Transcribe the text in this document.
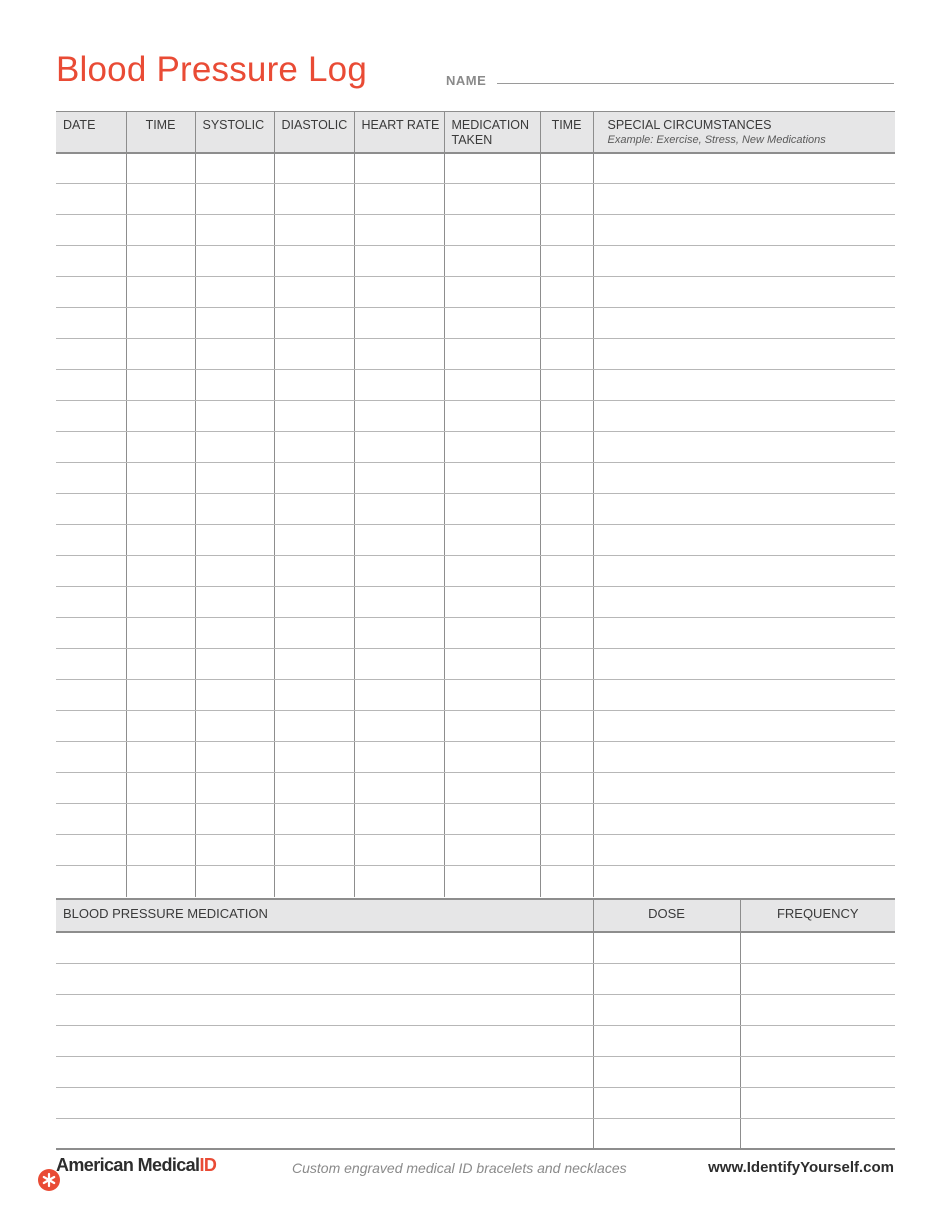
Blood Pressure Log	NAME
DATE	TIME	SYSTOLIC	DIASTOLIC	HEART RATE	MEDICATION TAKEN	TIME	SPECIAL CIRCUMSTANCES
Example: Exercise, Stress, New Medications

BLOOD PRESSURE MEDICATION	DOSE	FREQUENCY

American MedicalID	Custom engraved medical ID bracelets and necklaces	www.IdentifyYourself.com
